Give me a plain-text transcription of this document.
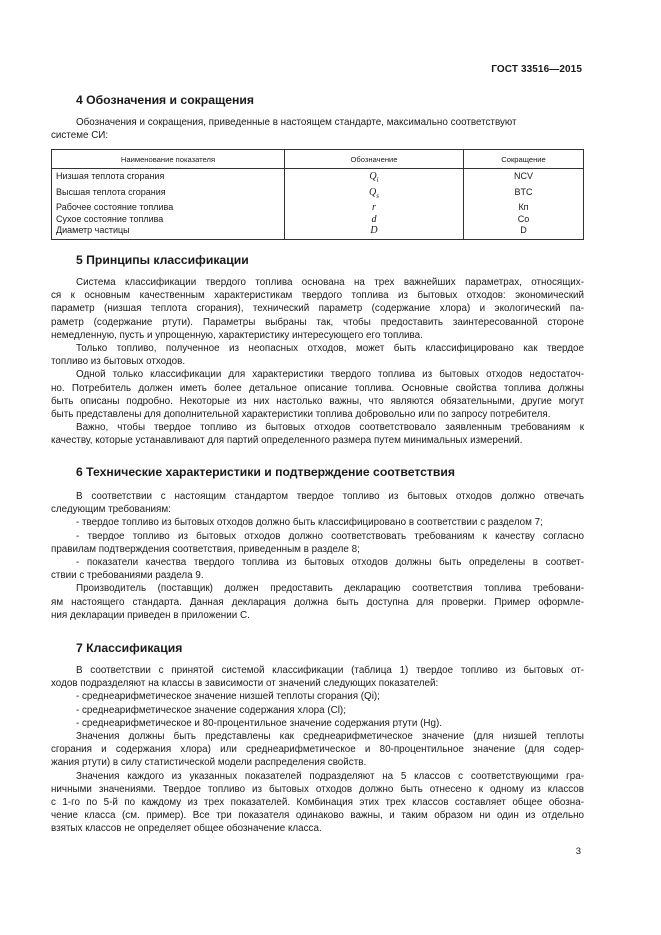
ГОСТ 33516—2015
4 Обозначения и сокращения

Обозначения и сокращения, приведенные в настоящем стандарте, максимально соответствуют

системе СИ:

Наименование показателя	Обозначение	Сокращение
Низшая теплота сгорания	$Q_i$	NCV
Высшая теплота сгорания	$Q_s$	BTC
Рабочее состояние топлива	r	Кп
Сухое состояние топлива	d	Со
Диаметр частицы	D	D
5 Принципы классификации
Система классификации твердого топлива основана на трех важнейших параметрах, относящих-
ся к основным качественным характеристикам твердого топлива из бытовых отходов: экономический
параметр (низшая теплота сгорания), технический параметр (содержание хлора) и экологический па-
раметр (содержание ртути). Параметры выбраны так, чтобы предоставить заинтересованной стороне
немедленную, пусть и упрощенную, характеристику интересующего его топлива.
Только топливо, полученное из неопасных отходов, может быть классифицировано как твердое
топливо из бытовых отходов.
Одной только классификации для характеристики твердого топлива из бытовых отходов недостаточ-
но. Потребитель должен иметь более детальное описание топлива. Основные свойства топлива должны
быть описаны подробно. Некоторые из них настолько важны, что являются обязательными, другие могут
быть представлены для дополнительной характеристики топлива добровольно или по запросу потребителя.
Важно, чтобы твердое топливо из бытовых отходов соответствовало заявленным требованиям к
качеству, которые устанавливают для партий определенного размера путем минимальных измерений.
6 Технические характеристики и подтверждение соответствия
В соответствии с настоящим стандартом твердое топливо из бытовых отходов должно отвечать
следующим требованиям:
- твердое топливо из бытовых отходов должно быть классифицировано в соответствии с разделом 7;
- твердое топливо из бытовых отходов должно соответствовать требованиям к качеству согласно
правилам подтверждения соответствия, приведенным в разделе 8;
- показатели качества твердого топлива из бытовых отходов должны быть определены в соответ-
ствии с требованиями раздела 9.
Производитель (поставщик) должен предоставить декларацию соответствия топлива требовани-
ям настоящего стандарта. Данная декларация должна быть доступна для проверки. Пример оформле-
ния декларации приведен в приложении С.
7 Классификация
В соответствии с принятой системой классификации (таблица 1) твердое топливо из бытовых от-
ходов подразделяют на классы в зависимости от значений следующих показателей:
- среднеарифметическое значение низшей теплоты сгорания (Qi);
- среднеарифметическое значение содержания хлора (Cl);
- среднеарифметическое и 80-процентильное значение содержания ртути (Hg).
Значения должны быть представлены как среднеарифметическое значение (для низшей теплоты
сгорания и содержания хлора) или среднеарифметическое и 80-процентильное значение (для содер-
жания ртути) в силу статистической модели распределения свойств.
Значения каждого из указанных показателей подразделяют на 5 классов с соответствующими гра-
ничными значениями. Твердое топливо из бытовых отходов должно быть отнесено к одному из классов
с 1-го по 5-й по каждому из трех показателей. Комбинация этих трех классов составляет общее обозна-
чение класса (см. пример). Все три показателя одинаково важны, и таким образом ни один из отдельно
взятых классов не определяет общее обозначение класса.
3
